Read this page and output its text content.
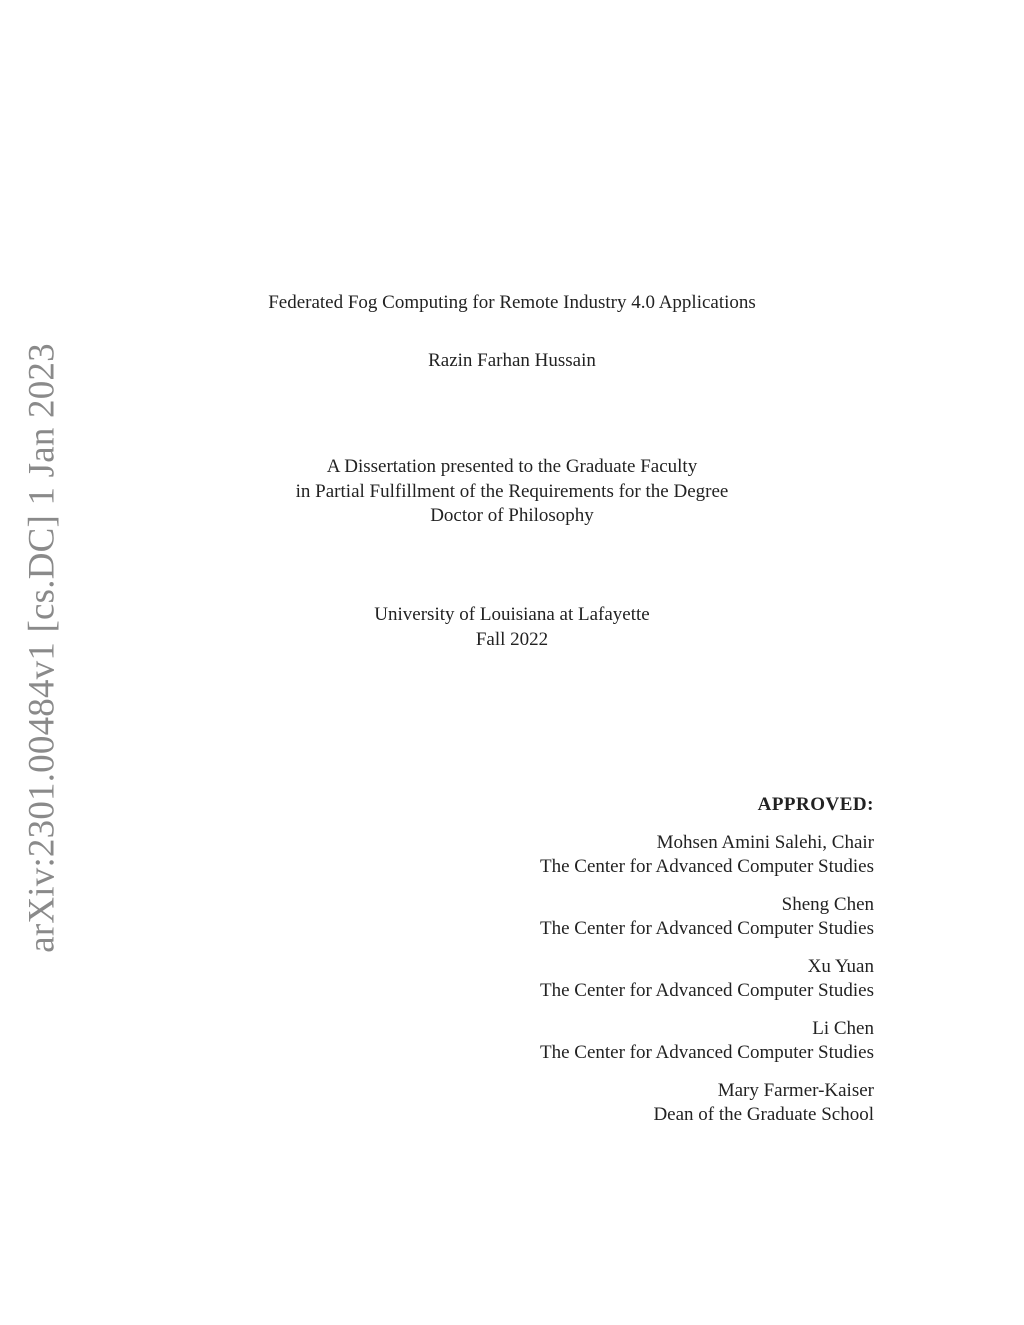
arXiv:2301.00484v1 [cs.DC] 1 Jan 2023
Federated Fog Computing for Remote Industry 4.0 Applications
Razin Farhan Hussain
A Dissertation presented to the Graduate Faculty
in Partial Fulfillment of the Requirements for the Degree
Doctor of Philosophy
University of Louisiana at Lafayette
Fall 2022
APPROVED:
Mohsen Amini Salehi, Chair
The Center for Advanced Computer Studies
Sheng Chen
The Center for Advanced Computer Studies
Xu Yuan
The Center for Advanced Computer Studies
Li Chen
The Center for Advanced Computer Studies
Mary Farmer-Kaiser
Dean of the Graduate School
